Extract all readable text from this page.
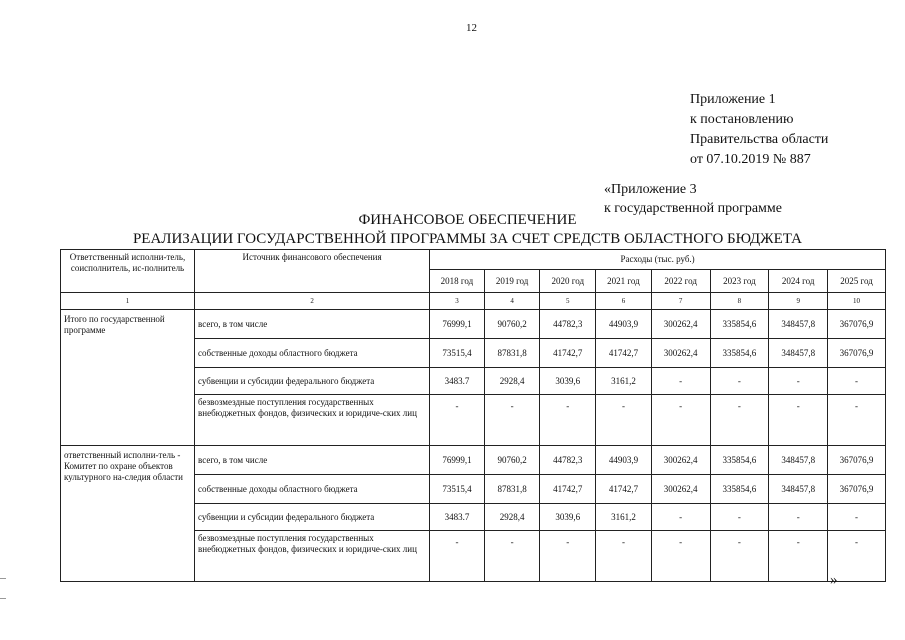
12
Приложение 1
к постановлению
Правительства области
от 07.10.2019 № 887
«Приложение 3
к государственной программе
ФИНАНСОВОЕ ОБЕСПЕЧЕНИЕ
РЕАЛИЗАЦИИ ГОСУДАРСТВЕННОЙ ПРОГРАММЫ ЗА СЧЕТ СРЕДСТВ ОБЛАСТНОГО БЮДЖЕТА
Ответственный исполни-тель, соисполнитель, ис-полнитель	Источник финансового обеспечения	Расходы (тыс. руб.)							
		2018 год	2019 год	2020 год	2021 год	2022 год	2023 год	2024 год	2025 год
1	2	3	4	5	6	7	8	9	10
Итого по государственной программе	всего, в том числе	76999,1	90760,2	44782,3	44903,9	300262,4	335854,6	348457,8	367076,9
	собственные доходы областного бюджета	73515,4	87831,8	41742,7	41742,7	300262,4	335854,6	348457,8	367076,9
	субвенции и субсидии федерального бюджета	3483.7	2928,4	3039,6	3161,2	-	-	-	-
	безвозмездные поступления государственных внебюджетных фондов, физических и юридиче-ских лиц	-	-	-	-	-	-	-	-
ответственный исполни-тель - Комитет по охране объектов культурного на-следия области	всего, в том числе	76999,1	90760,2	44782,3	44903,9	300262,4	335854,6	348457,8	367076,9
	собственные доходы областного бюджета	73515,4	87831,8	41742,7	41742,7	300262,4	335854,6	348457,8	367076,9
	субвенции и субсидии федерального бюджета	3483.7	2928,4	3039,6	3161,2	-	-	-	-
	безвозмездные поступления государственных внебюджетных фондов, физических и юридиче-ских лиц	-	-	-	-	-	-	-	-
»
